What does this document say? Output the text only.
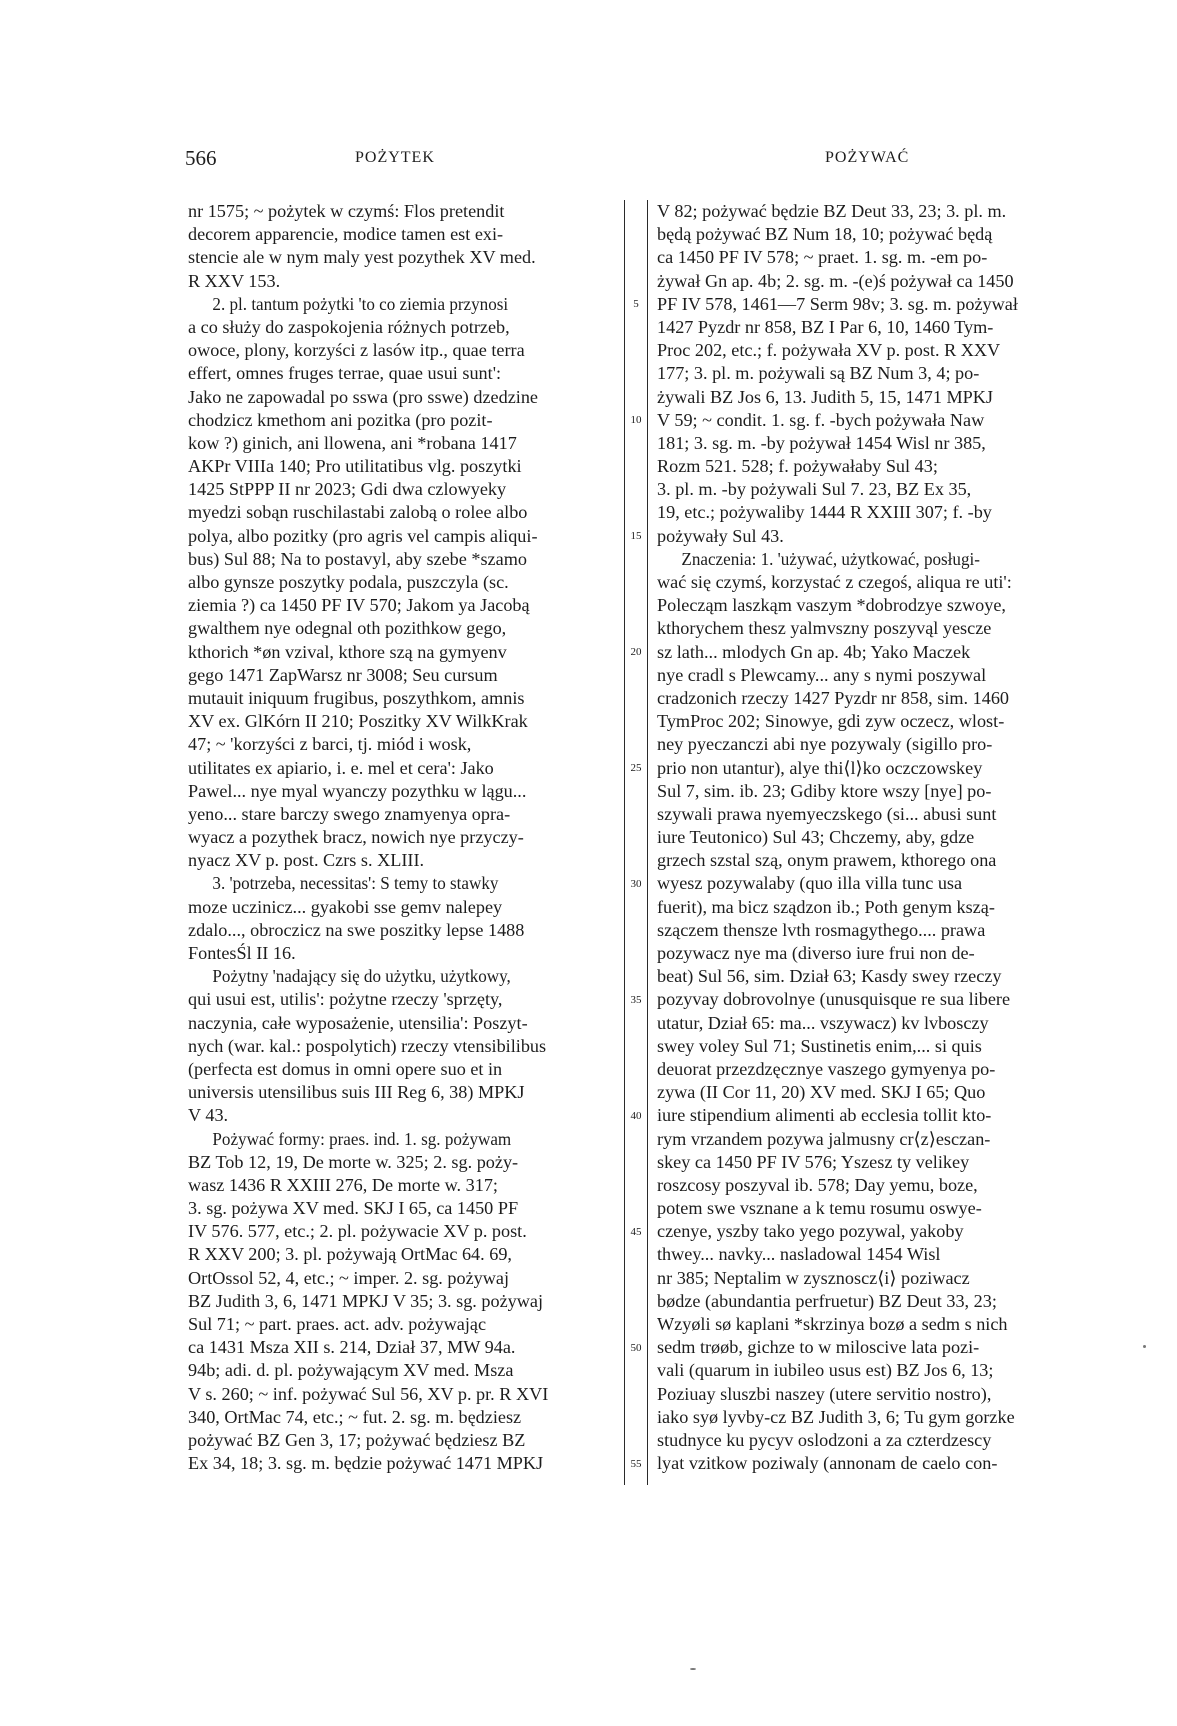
566	POŻYTEK	POŻYWAĆ
nr 1575; ~ pożytek w czymś: Flos pretendit
decorem apparencie, modice tamen est exi-
stencie ale w nym maly yest pozythek XV med.
R XXV 153.
2. pl. tantum pożytki 'to co ziemia przynosi
a co służy do zaspokojenia różnych potrzeb,
owoce, plony, korzyści z lasów itp., quae terra
effert, omnes fruges terrae, quae usui sunt':
Jako ne zapowadal po sswa (pro sswe) dzedzine
chodzicz kmethom ani pozitka (pro pozit-
kow ?) ginich, ani llowena, ani *robana 1417
AKPr VIIIa 140; Pro utilitatibus vlg. poszytki
1425 StPPP II nr 2023; Gdi dwa czlowyeky
myedzi sobąn ruschilastabi zalobą o rolee albo
polya, albo pozitky (pro agris vel campis aliqui-
bus) Sul 88; Na to postavyl, aby szebe *szamo
albo gynsze poszytky podala, puszczyla (sc.
ziemia ?) ca 1450 PF IV 570; Jakom ya Jacobą
gwalthem nye odegnal oth pozithkow gego,
kthorich *øn vzival, kthore szą na gymyenv
gego 1471 ZapWarsz nr 3008; Seu cursum
mutauit iniquum frugibus, poszythkom, amnis
XV ex. GlKórn II 210; Poszitky XV WilkKrak
47; ~ 'korzyści z barci, tj. miód i wosk,
utilitates ex apiario, i. e. mel et cera': Jako
Pawel... nye myal wyanczy pozythku w lągu...
yeno... stare barczy swego znamyenya opra-
wyacz a pozythek bracz, nowich nye przyczy-
nyacz XV p. post. Czrs s. XLIII.
3. 'potrzeba, necessitas': S temy to stawky
moze uczinicz... gyakobi sse gemv nalepey
zdalo..., obroczicz na swe poszitky lepse 1488
FontesŚl II 16.
Pożytny 'nadający się do użytku, użytkowy,
qui usui est, utilis': pożytne rzeczy 'sprzęty,
naczynia, całe wyposażenie, utensilia': Poszyt-
nych (war. kal.: pospolytich) rzeczy vtensibilibus
(perfecta est domus in omni opere suo et in
universis utensilibus suis III Reg 6, 38) MPKJ
V 43.
Pożywać formy: praes. ind. 1. sg. pożywam
BZ Tob 12, 19, De morte w. 325; 2. sg. poży-
wasz 1436 R XXIII 276, De morte w. 317;
3. sg. pożywa XV med. SKJ I 65, ca 1450 PF
IV 576. 577, etc.; 2. pl. pożywacie XV p. post.
R XXV 200; 3. pl. pożywają OrtMac 64. 69,
OrtOssol 52, 4, etc.; ~ imper. 2. sg. pożywaj
BZ Judith 3, 6, 1471 MPKJ V 35; 3. sg. pożywaj
Sul 71; ~ part. praes. act. adv. pożywając
ca 1431 Msza XII s. 214, Dział 37, MW 94a.
94b; adi. d. pl. pożywającym XV med. Msza
V s. 260; ~ inf. pożywać Sul 56, XV p. pr. R XVI
340, OrtMac 74, etc.; ~ fut. 2. sg. m. będziesz
pożywać BZ Gen 3, 17; pożywać będziesz BZ
Ex 34, 18; 3. sg. m. będzie pożywać 1471 MPKJ
5
10
15
20
25
30
35
40
45
50
55
V 82; pożywać będzie BZ Deut 33, 23; 3. pl. m.
będą pożywać BZ Num 18, 10; pożywać będą
ca 1450 PF IV 578; ~ praet. 1. sg. m. -em po-
żywał Gn ap. 4b; 2. sg. m. -(e)ś pożywał ca 1450
PF IV 578, 1461—7 Serm 98v; 3. sg. m. pożywał
1427 Pyzdr nr 858, BZ I Par 6, 10, 1460 Tym-
Proc 202, etc.; f. pożywała XV p. post. R XXV
177; 3. pl. m. pożywali są BZ Num 3, 4; po-
żywali BZ Jos 6, 13. Judith 5, 15, 1471 MPKJ
V 59; ~ condit. 1. sg. f. -bych pożywała Naw
181; 3. sg. m. -by pożywał 1454 Wisl nr 385,
Rozm 521. 528; f. pożywałaby Sul 43;
3. pl. m. -by pożywali Sul 7. 23, BZ Ex 35,
19, etc.; pożywaliby 1444 R XXIII 307; f. -by
pożywały Sul 43.
Znaczenia: 1. 'używać, użytkować, posługi-
wać się czymś, korzystać z czegoś, aliqua re uti':
Polecząm laszkąm vaszym *dobrodzye szwoye,
kthorychem thesz yalmvszny poszyvąl yescze
sz lath... mlodych Gn ap. 4b; Yako Maczek
nye cradl s Plewcamy... any s nymi poszywal
cradzonich rzeczy 1427 Pyzdr nr 858, sim. 1460
TymProc 202; Sinowye, gdi zyw oczecz, wlost-
ney pyeczanczi abi nye pozywaly (sigillo pro-
prio non utantur), alye thi⟨l⟩ko oczczowskey
Sul 7, sim. ib. 23; Gdiby ktore wszy [nye] po-
szywali prawa nyemyeczskego (si... abusi sunt
iure Teutonico) Sul 43; Chczemy, aby, gdze
grzech szstal szą, onym prawem, kthorego ona
wyesz pozywalaby (quo illa villa tunc usa
fuerit), ma bicz sządzon ib.; Poth genym kszą-
szączem thensze lvth rosmagythego.... prawa
pozywacz nye ma (diverso iure frui non de-
beat) Sul 56, sim. Dział 63; Kasdy swey rzeczy
pozyvay dobrovolnye (unusquisque re sua libere
utatur, Dział 65: ma... vszywacz) kv lvbosczy
swey voley Sul 71; Sustinetis enim,... si quis
deuorat przezdzęcznye vaszego gymyenya po-
zywa (II Cor 11, 20) XV med. SKJ I 65; Quo
iure stipendium alimenti ab ecclesia tollit kto-
rym vrzandem pozywa jalmusny cr⟨z⟩esczan-
skey ca 1450 PF IV 576; Yszesz ty velikey
roszcosy poszyval ib. 578; Day yemu, boze,
potem swe vsznane a k temu rosumu oswye-
czenye, yszby tako yego pozywal, yakoby
thwey... navky... nasladowal 1454 Wisl
nr 385; Neptalim w zysznoscz⟨i⟩ poziwacz
bødze (abundantia perfruetur) BZ Deut 33, 23;
Wzyøli sø kaplani *skrzinya bozø a sedm s nich
sedm trøøb, gichze to w miloscive lata pozi-
vali (quarum in iubileo usus est) BZ Jos 6, 13;
Poziuay sluszbi naszey (utere servitio nostro),
iako syø lyvby-cz BZ Judith 3, 6; Tu gym gorzke
studnyce ku pycyv oslodzoni a za czterdzescy
lyat vzitkow poziwaly (annonam de caelo con-
